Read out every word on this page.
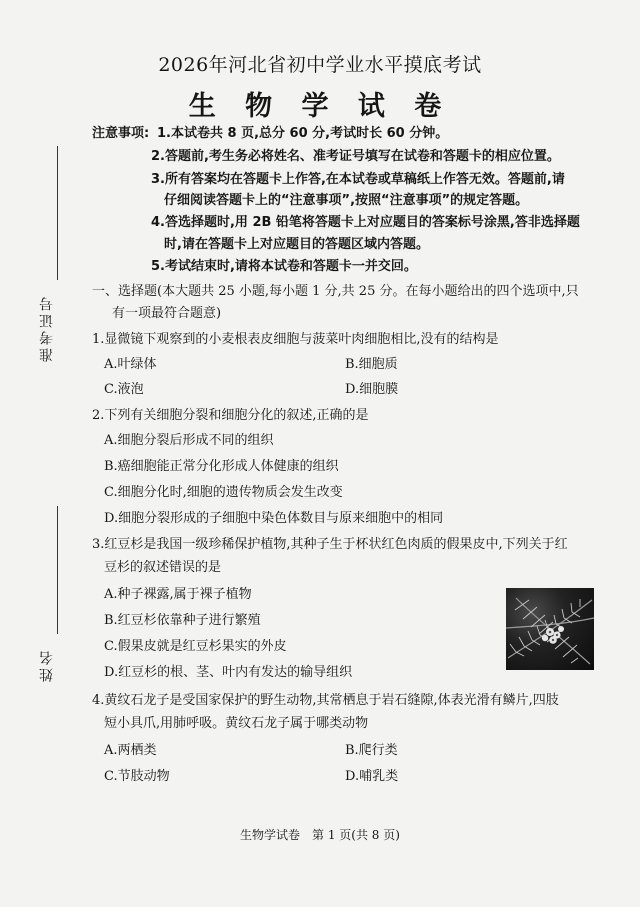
2026年河北省初中学业水平摸底考试
生 物 学 试 卷
准考证号
姓名
注意事项: 1.本试卷共 8 页,总分 60 分,考试时长 60 分钟。
2.答题前,考生务必将姓名、准考证号填写在试卷和答题卡的相应位置。
3.所有答案均在答题卡上作答,在本试卷或草稿纸上作答无效。答题前,请
仔细阅读答题卡上的“注意事项”,按照“注意事项”的规定答题。
4.答选择题时,用 2B 铅笔将答题卡上对应题目的答案标号涂黑,答非选择题
时,请在答题卡上对应题目的答题区域内答题。
5.考试结束时,请将本试卷和答题卡一并交回。
一、选择题(本大题共 25 小题,每小题 1 分,共 25 分。在每小题给出的四个选项中,只
有一项最符合题意)
1.显微镜下观察到的小麦根表皮细胞与菠菜叶肉细胞相比,没有的结构是
A.叶绿体	B.细胞质
C.液泡	D.细胞膜
2.下列有关细胞分裂和细胞分化的叙述,正确的是
A.细胞分裂后形成不同的组织
B.癌细胞能正常分化形成人体健康的组织
C.细胞分化时,细胞的遗传物质会发生改变
D.细胞分裂形成的子细胞中染色体数目与原来细胞中的相同
3.红豆杉是我国一级珍稀保护植物,其种子生于杯状红色肉质的假果皮中,下列关于红
豆杉的叙述错误的是
A.种子裸露,属于裸子植物
B.红豆杉依靠种子进行繁殖
C.假果皮就是红豆杉果实的外皮
D.红豆杉的根、茎、叶内有发达的输导组织
4.黄纹石龙子是受国家保护的野生动物,其常栖息于岩石缝隙,体表光滑有鳞片,四肢
短小具爪,用肺呼吸。黄纹石龙子属于哪类动物
A.两栖类	B.爬行类
C.节肢动物	D.哺乳类
生物学试卷　第 1 页(共 8 页)
